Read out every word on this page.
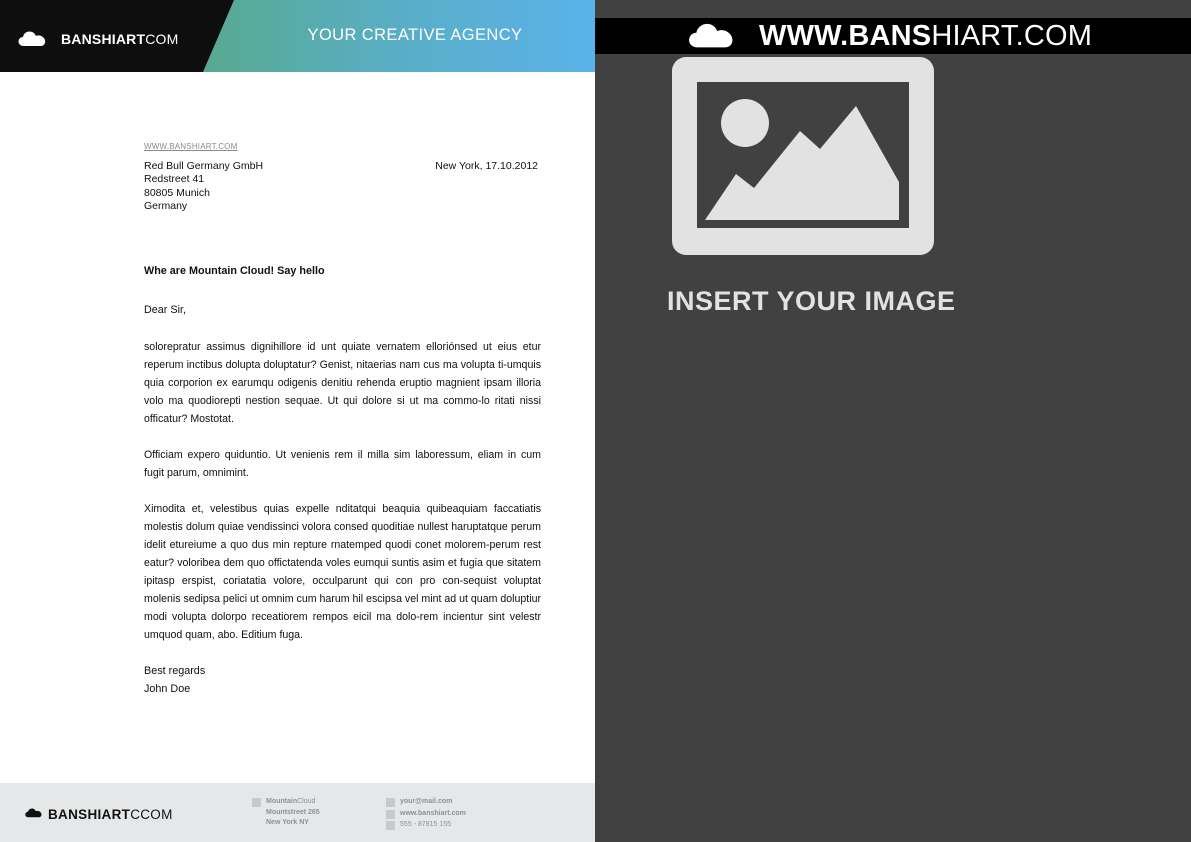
BANSHIARTCOM	YOUR CREATIVE AGENCY
WWW.BANSHIART.COM
Red Bull Germany GmbH
Redstreet 41
80805 Munich
Germany
New York, 17.10.2012
Whe are Mountain Cloud! Say hello
Dear Sir,

solorepratur assimus dignihillore id unt quiate vernatem elloriónsed ut eius etur reperum inctibus dolupta doluptatur? Genist, nitaerias nam cus ma volupta ti-umquis quia corporion ex earumqu odigenis denitiu rehenda eruptio magnient ipsam illoria volo ma quodiorepti nestion sequae. Ut qui dolore si ut ma commo-lo ritati nissi officatur? Mostotat.

Officiam expero quiduntio. Ut venienis rem il milla sim laboressum, eliam in cum fugit parum, omnimint.

Ximodita et, velestibus quias expelle nditatqui beaquia quibeaquiam faccatiatis molestis dolum quiae vendissinci volora consed quoditiae nullest haruptatque perum idelit etureiume a quo dus min repture rnatemped quodi conet molorem-perum rest eatur? voloribea dem quo offictatenda voles eumqui suntis asim et fugia que sitatem ipitasp erspist, coriatatia volore, occulparunt qui con pro con-sequist voluptat molenis sedipsa pelici ut omnim cum harum hil escipsa vel mint ad ut quam doluptiur modi volupta dolorpo receatiorem rempos eicil ma dolo-rem incientur sint velestr umquod quam, abo. Editium fuga.

Best regards
John Doe
BANSHIARTCCOM
MountainCloud
Mountstreet 265
New York NY
your@mail.com
www.banshiart.com
555 - 87815 155
WWW.BANSHIART.COM
INSERT YOUR IMAGE
